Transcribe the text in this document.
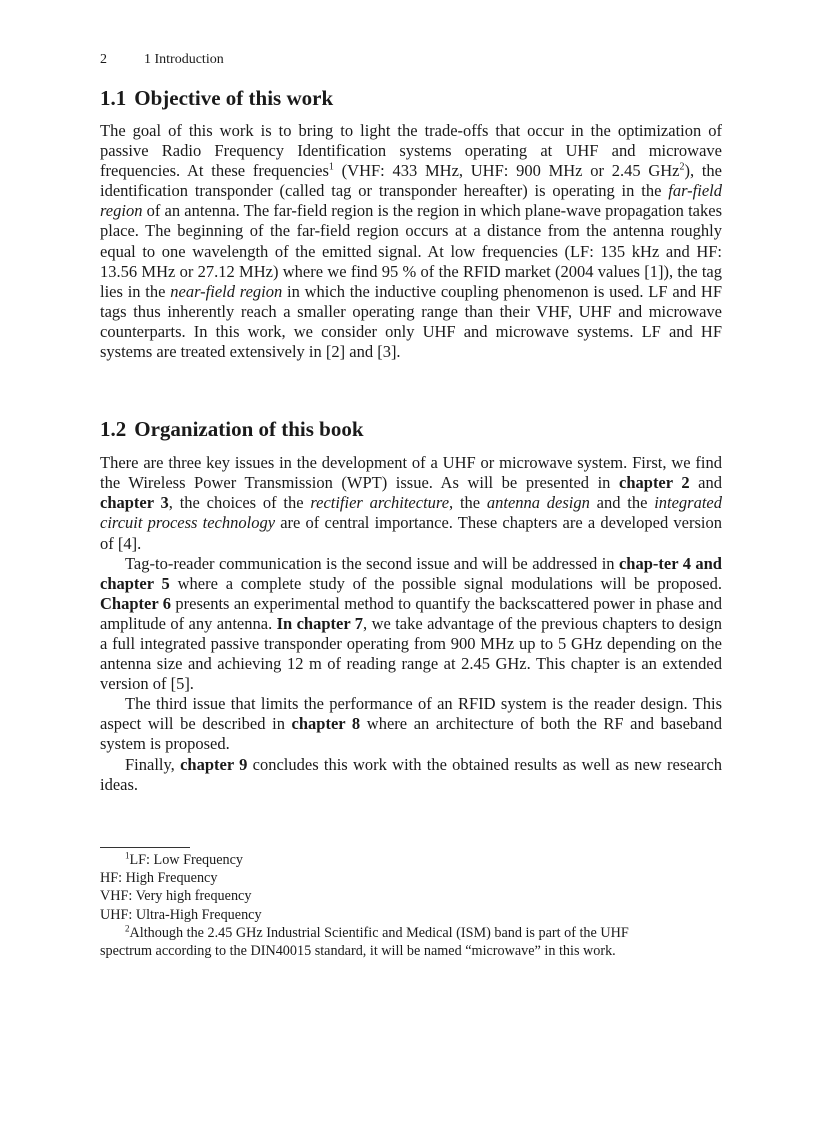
2	1 Introduction
1.1 Objective of this work

The goal of this work is to bring to light the trade-offs that occur in the optimization of passive Radio Frequency Identification systems operating at UHF and microwave frequencies. At these frequencies$^1$ (VHF: 433 MHz, UHF: 900 MHz or 2.45 GHz$^2$), the identification transponder (called tag or transponder hereafter) is operating in the far-field region of an antenna. The far-field region is the region in which plane-wave propagation takes place. The beginning of the far-field region occurs at a distance from the antenna roughly equal to one wavelength of the emitted signal. At low frequencies (LF: 135 kHz and HF: 13.56 MHz or 27.12 MHz) where we find 95 % of the RFID market (2004 values [1]), the tag lies in the near-field region in which the inductive coupling phenomenon is used. LF and HF tags thus inherently reach a smaller operating range than their VHF, UHF and microwave counterparts. In this work, we consider only UHF and microwave systems. LF and HF systems are treated extensively in [2] and [3].

1.2 Organization of this book

There are three key issues in the development of a UHF or microwave system. First, we find the Wireless Power Transmission (WPT) issue. As will be presented in chapter 2 and chapter 3, the choices of the rectifier architecture, the antenna design and the integrated circuit process technology are of central importance. These chapters are a developed version of [4].

Tag-to-reader communication is the second issue and will be addressed in chap-ter 4 and chapter 5 where a complete study of the possible signal modulations will be proposed. Chapter 6 presents an experimental method to quantify the backscattered power in phase and amplitude of any antenna. In chapter 7, we take advantage of the previous chapters to design a full integrated passive transponder operating from 900 MHz up to 5 GHz depending on the antenna size and achieving 12 m of reading range at 2.45 GHz. This chapter is an extended version of [5].

The third issue that limits the performance of an RFID system is the reader design. This aspect will be described in chapter 8 where an architecture of both the RF and baseband system is proposed.

Finally, chapter 9 concludes this work with the obtained results as well as new research ideas.

$^1$LF: Low Frequency
HF: High Frequency
VHF: Very high frequency
UHF: Ultra-High Frequency
$^2$Although the 2.45 GHz Industrial Scientific and Medical (ISM) band is part of the UHF
spectrum according to the DIN40015 standard, it will be named “microwave” in this work.
